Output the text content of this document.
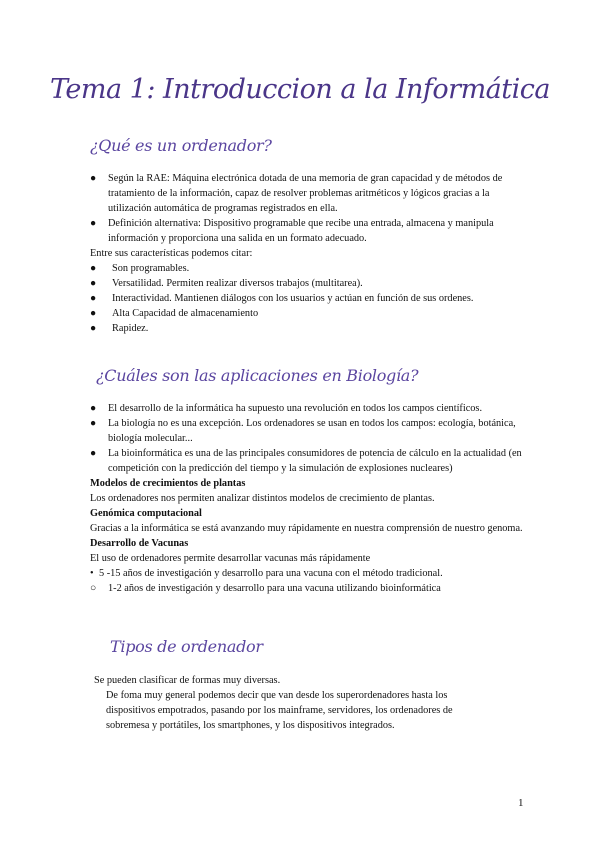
Tema 1: Introduccion a la Informática
¿Qué es un ordenador?
● Según la RAE: Máquina electrónica dotada de una memoria de gran capacidad y de métodos de tratamiento de la información, capaz de resolver problemas aritméticos y lógicos gracias a la utilización automática de programas registrados en ella.
● Definición alternativa: Dispositivo programable que recibe una entrada, almacena y manipula información y proporciona una salida en un formato adecuado.

Entre sus características podemos citar:

● Son programables.
● Versatilidad. Permiten realizar diversos trabajos (multitarea).
● Interactividad. Mantienen diálogos con los usuarios y actúan en función de sus ordenes.
● Alta Capacidad de almacenamiento
● Rapidez.
¿Cuáles son las aplicaciones en Biología?
● El desarrollo de la informática ha supuesto una revolución en todos los campos científicos.
● La biología no es una excepción. Los ordenadores se usan en todos los campos: ecología, botánica, biología molecular...
● La bioinformática es una de las principales consumidores de potencia de cálculo en la actualidad (en competición con la predicción del tiempo y la simulación de explosiones nucleares)

Modelos de crecimientos de plantas

Los ordenadores nos permiten analizar distintos modelos de crecimiento de plantas.

Genómica computacional

Gracias a la informática se está avanzando muy rápidamente en nuestra comprensión de nuestro genoma.

Desarrollo de Vacunas

El uso de ordenadores permite desarrollar vacunas más rápidamente

• 5 -15 años de investigación y desarrollo para una vacuna con el método tradicional.
○ 1-2 años de investigación y desarrollo para una vacuna utilizando bioinformática
Tipos de ordenador

Se pueden clasificar de formas muy diversas.

De foma muy general podemos decir que van desde los superordenadores hasta los dispositivos empotrados, pasando por los mainframe, servidores, los ordenadores de sobremesa y portátiles, los smartphones, y los dispositivos integrados.

1
